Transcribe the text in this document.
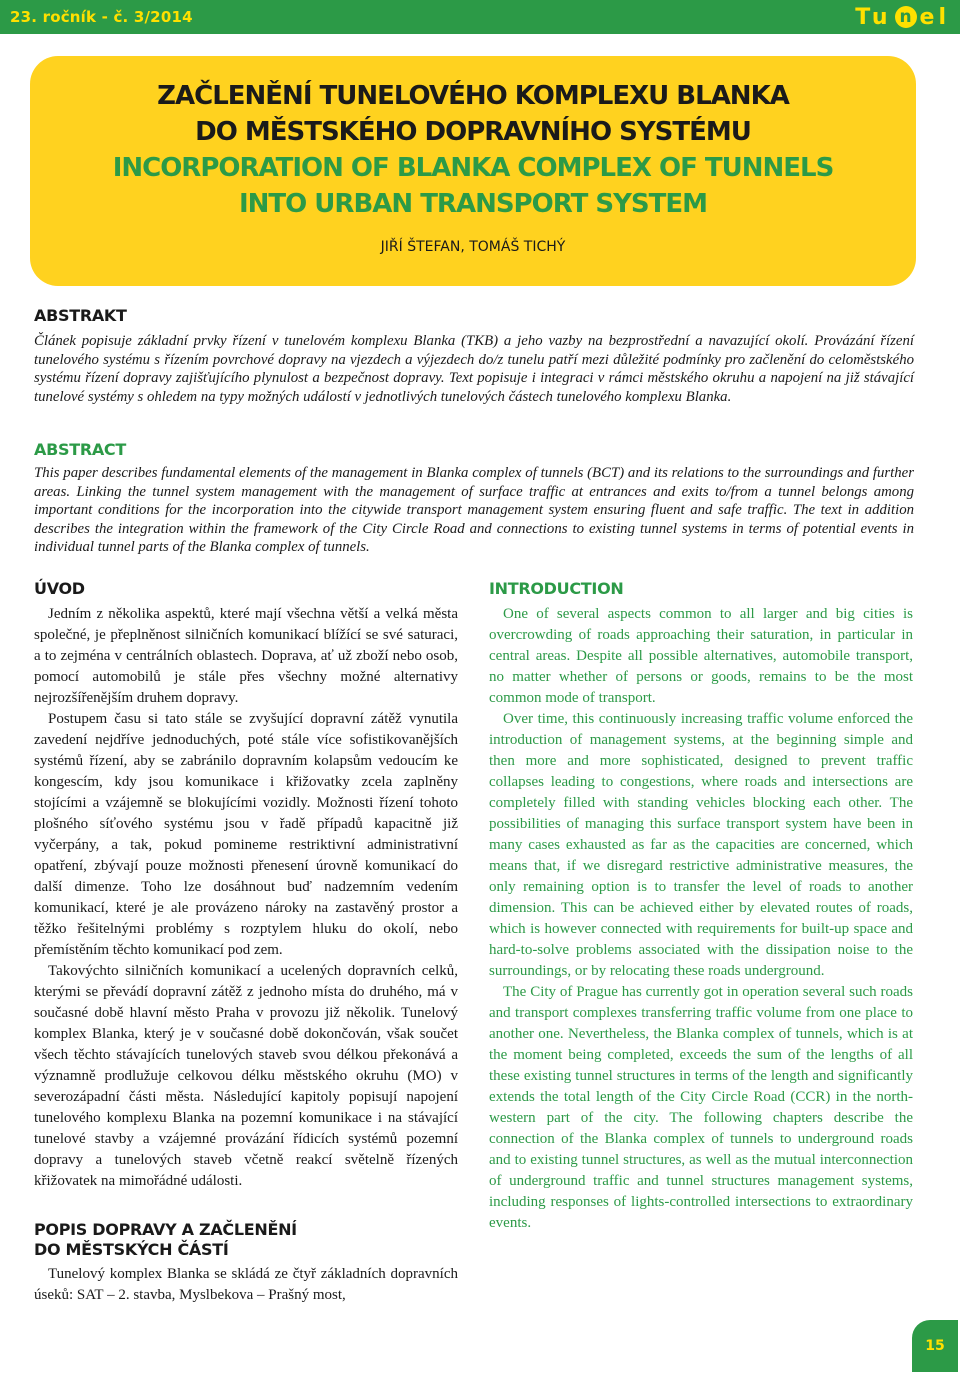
23. ročník - č. 3/2014	Tu n el
ZAČLENĚNÍ TUNELOVÉHO KOMPLEXU BLANKA
DO MĚSTSKÉHO DOPRAVNÍHO SYSTÉMU
INCORPORATION OF BLANKA COMPLEX OF TUNNELS
INTO URBAN TRANSPORT SYSTEM
JIŘÍ ŠTEFAN, TOMÁŠ TICHÝ
ABSTRAKT

Článek popisuje základní prvky řízení v tunelovém komplexu Blanka (TKB) a jeho vazby na bezprostřední a navazující okolí. Provázání řízení tunelového systému s řízením povrchové dopravy na vjezdech a výjezdech do/z tunelu patří mezi důležité podmínky pro začlenění do celoměstského systému řízení dopravy zajišťujícího plynulost a bezpečnost dopravy. Text popisuje i integraci v rámci městského okruhu a napojení na již stávající tunelové systémy s ohledem na typy možných událostí v jednotlivých tunelových částech tunelového komplexu Blanka.

ABSTRACT

This paper describes fundamental elements of the management in Blanka complex of tunnels (BCT) and its relations to the surroundings and further areas. Linking the tunnel system management with the management of surface traffic at entrances and exits to/from a tunnel belongs among important conditions for the incorporation into the citywide transport management system ensuring fluent and safe traffic. The text in addition describes the integration within the framework of the City Circle Road and connections to existing tunnel systems in terms of potential events in individual tunnel parts of the Blanka complex of tunnels.

ÚVOD

Jedním z několika aspektů, které mají všechna větší a velká města společné, je přeplněnost silničních komunikací blížící se své saturaci, a to zejména v centrálních oblastech. Doprava, ať už zboží nebo osob, pomocí automobilů je stále přes všechny možné alternativy nejrozšířenějším druhem dopravy.

Postupem času si tato stále se zvyšující dopravní zátěž vynutila zavedení nejdříve jednoduchých, poté stále více sofistikovanějších systémů řízení, aby se zabránilo dopravním kolapsům vedoucím ke kongescím, kdy jsou komunikace i křižovatky zcela zaplněny stojícími a vzájemně se blokujícími vozidly. Možnosti řízení tohoto plošného síťového systému jsou v řadě případů kapacitně již vyčerpány, a tak, pokud pomineme restriktivní administrativní opatření, zbývají pouze možnosti přenesení úrovně komunikací do další dimenze. Toho lze dosáhnout buď nadzemním vedením komunikací, které je ale provázeno nároky na zastavěný prostor a těžko řešitelnými problémy s rozptylem hluku do okolí, nebo přemístěním těchto komunikací pod zem.

Takovýchto silničních komunikací a ucelených dopravních celků, kterými se převádí dopravní zátěž z jednoho místa do druhého, má v současné době hlavní město Praha v provozu již několik. Tunelový komplex Blanka, který je v současné době dokončován, však součet všech těchto stávajících tunelových staveb svou délkou překonává a významně prodlužuje celkovou délku městského okruhu (MO) v severozápadní části města. Následující kapitoly popisují napojení tunelového komplexu Blanka na pozemní komunikace i na stávající tunelové stavby a vzájemné provázání řídicích systémů pozemní dopravy a tunelových staveb včetně reakcí světelně řízených křižovatek na mimořádné události.

POPIS DOPRAVY A ZAČLENĚNÍ
DO MĚSTSKÝCH ČÁSTÍ

Tunelový komplex Blanka se skládá ze čtyř základních dopravních úseků: SAT – 2. stavba, Myslbekova – Prašný most,

INTRODUCTION

One of several aspects common to all larger and big cities is overcrowding of roads approaching their saturation, in particular in central areas. Despite all possible alternatives, automobile transport, no matter whether of persons or goods, remains to be the most common mode of transport.

Over time, this continuously increasing traffic volume enforced the introduction of management systems, at the beginning simple and then more and more sophisticated, designed to prevent traffic collapses leading to congestions, where roads and intersections are completely filled with standing vehicles blocking each other. The possibilities of managing this surface transport system have been in many cases exhausted as far as the capacities are concerned, which means that, if we disregard restrictive administrative measures, the only remaining option is to transfer the level of roads to another dimension. This can be achieved either by elevated routes of roads, which is however connected with requirements for built-up space and hard-to-solve problems associated with the dissipation noise to the surroundings, or by relocating these roads underground.

The City of Prague has currently got in operation several such roads and transport complexes transferring traffic volume from one place to another one. Nevertheless, the Blanka complex of tunnels, which is at the moment being completed, exceeds the sum of the lengths of all these existing tunnel structures in terms of the length and significantly extends the total length of the City Circle Road (CCR) in the north-western part of the city. The following chapters describe the connection of the Blanka complex of tunnels to underground roads and to existing tunnel structures, as well as the mutual interconnection of underground traffic and tunnel structures management systems, including responses of lights-controlled intersections to extraordinary events.

15
